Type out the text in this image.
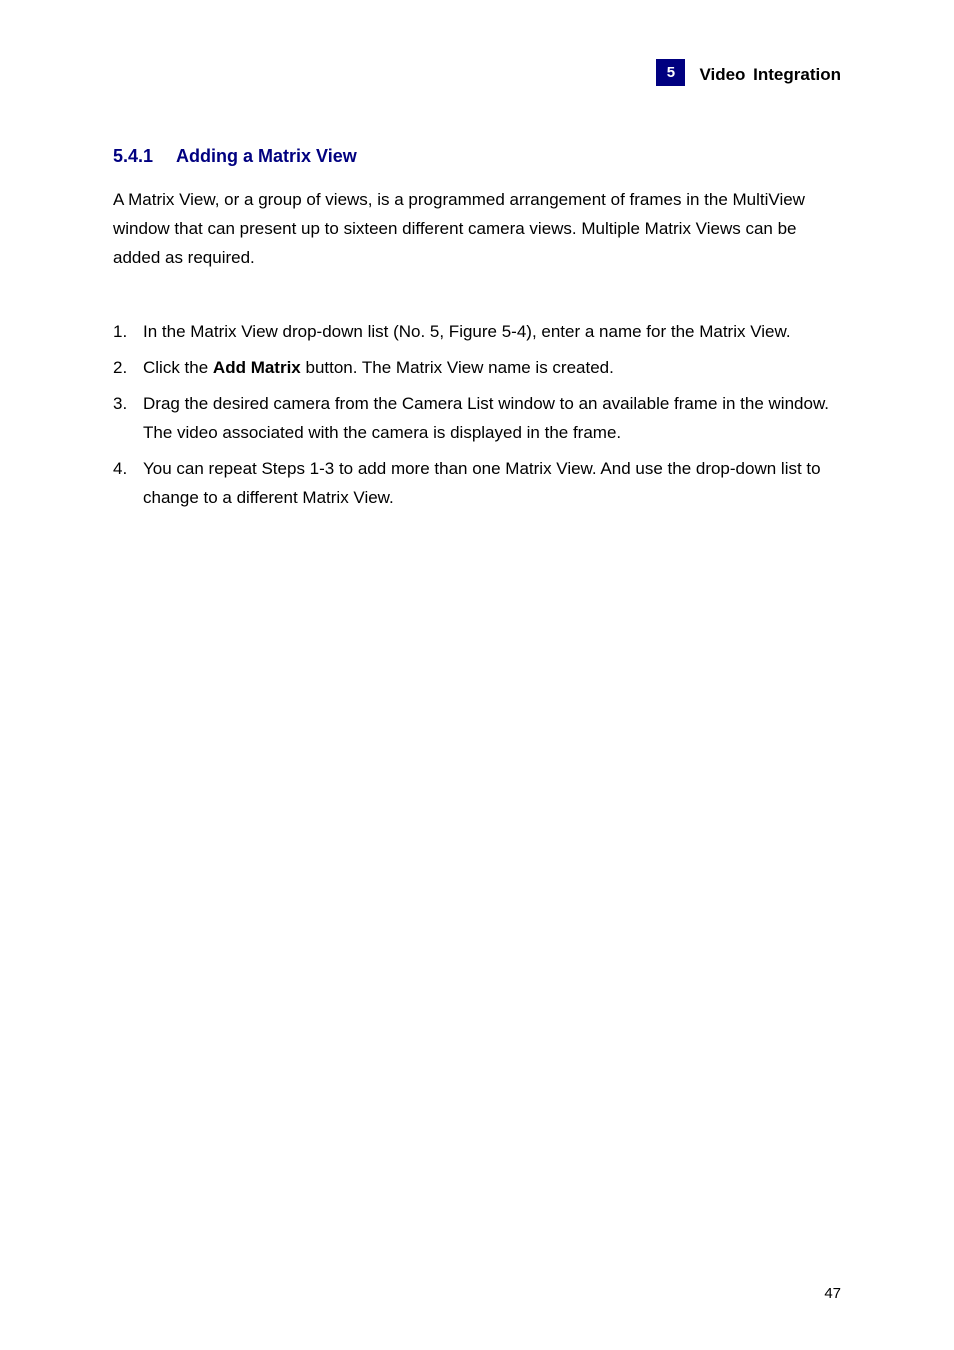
5	Video Integration
5.4.1	Adding a Matrix View

A Matrix View, or a group of views, is a programmed arrangement of frames in the MultiView window that can present up to sixteen different camera views. Multiple Matrix Views can be added as required.

1. In the Matrix View drop-down list (No. 5, Figure 5-4), enter a name for the Matrix View.
2. Click the Add Matrix button. The Matrix View name is created.
3. Drag the desired camera from the Camera List window to an available frame in the window. The video associated with the camera is displayed in the frame.
4. You can repeat Steps 1-3 to add more than one Matrix View. And use the drop-down list to change to a different Matrix View.
47
